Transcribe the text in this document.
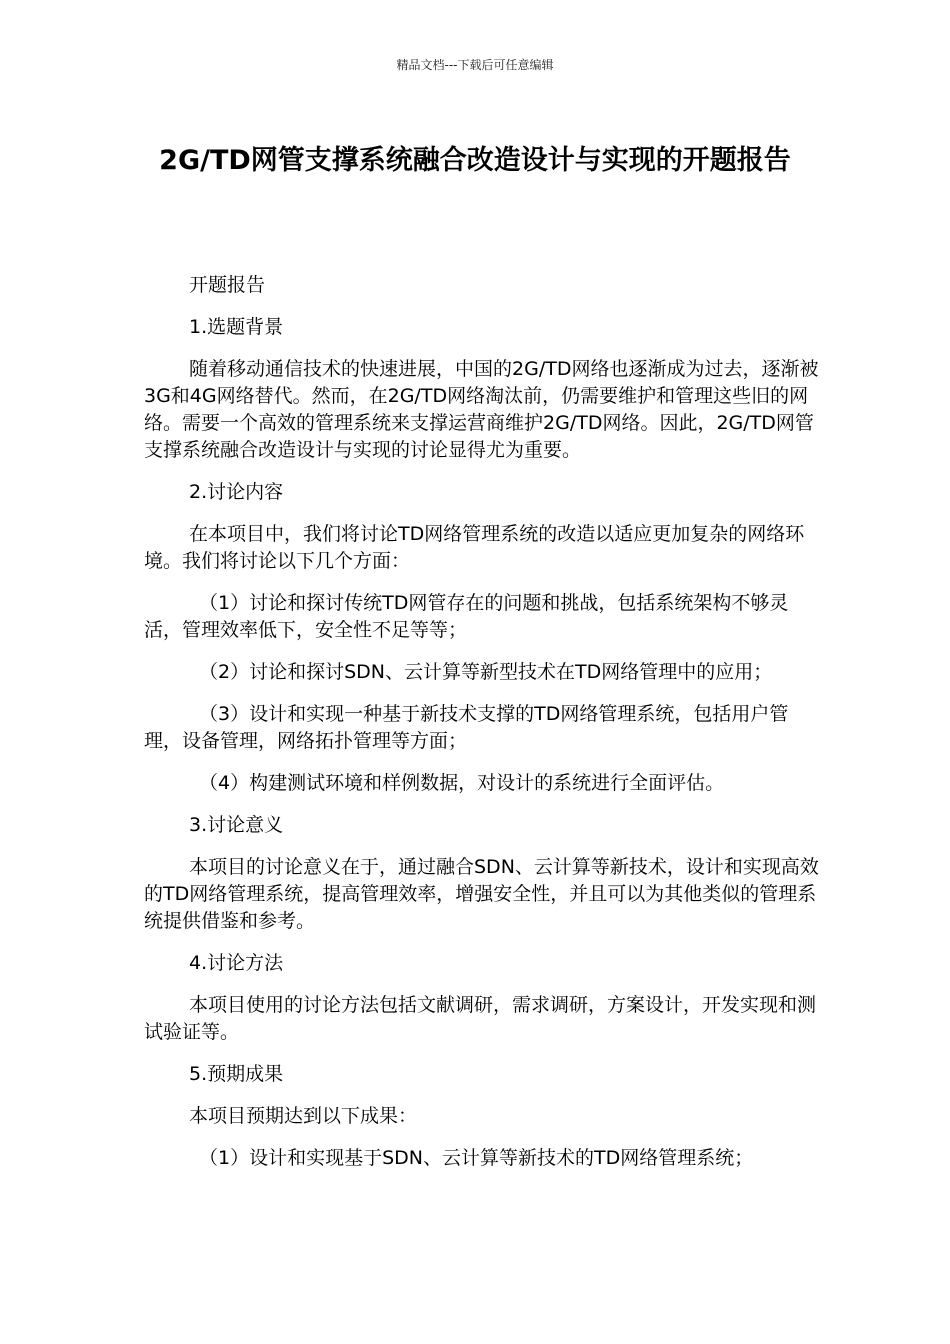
精品文档---下载后可任意编辑
2G/TD网管支撑系统融合改造设计与实现的开题报告

开题报告

1.选题背景

随着移动通信技术的快速进展，中国的2G/TD网络也逐渐成为过去，逐渐被3G和4G网络替代。然而，在2G/TD网络淘汰前，仍需要维护和管理这些旧的网络。需要一个高效的管理系统来支撑运营商维护2G/TD网络。因此，2G/TD网管支撑系统融合改造设计与实现的讨论显得尤为重要。

2.讨论内容

在本项目中，我们将讨论TD网络管理系统的改造以适应更加复杂的网络环境。我们将讨论以下几个方面：

（1）讨论和探讨传统TD网管存在的问题和挑战，包括系统架构不够灵活，管理效率低下，安全性不足等等；

（2）讨论和探讨SDN、云计算等新型技术在TD网络管理中的应用；

（3）设计和实现一种基于新技术支撑的TD网络管理系统，包括用户管理，设备管理，网络拓扑管理等方面；

（4）构建测试环境和样例数据，对设计的系统进行全面评估。

3.讨论意义

本项目的讨论意义在于，通过融合SDN、云计算等新技术，设计和实现高效的TD网络管理系统，提高管理效率，增强安全性，并且可以为其他类似的管理系统提供借鉴和参考。

4.讨论方法

本项目使用的讨论方法包括文献调研，需求调研，方案设计，开发实现和测试验证等。

5.预期成果

本项目预期达到以下成果：

（1）设计和实现基于SDN、云计算等新技术的TD网络管理系统；
